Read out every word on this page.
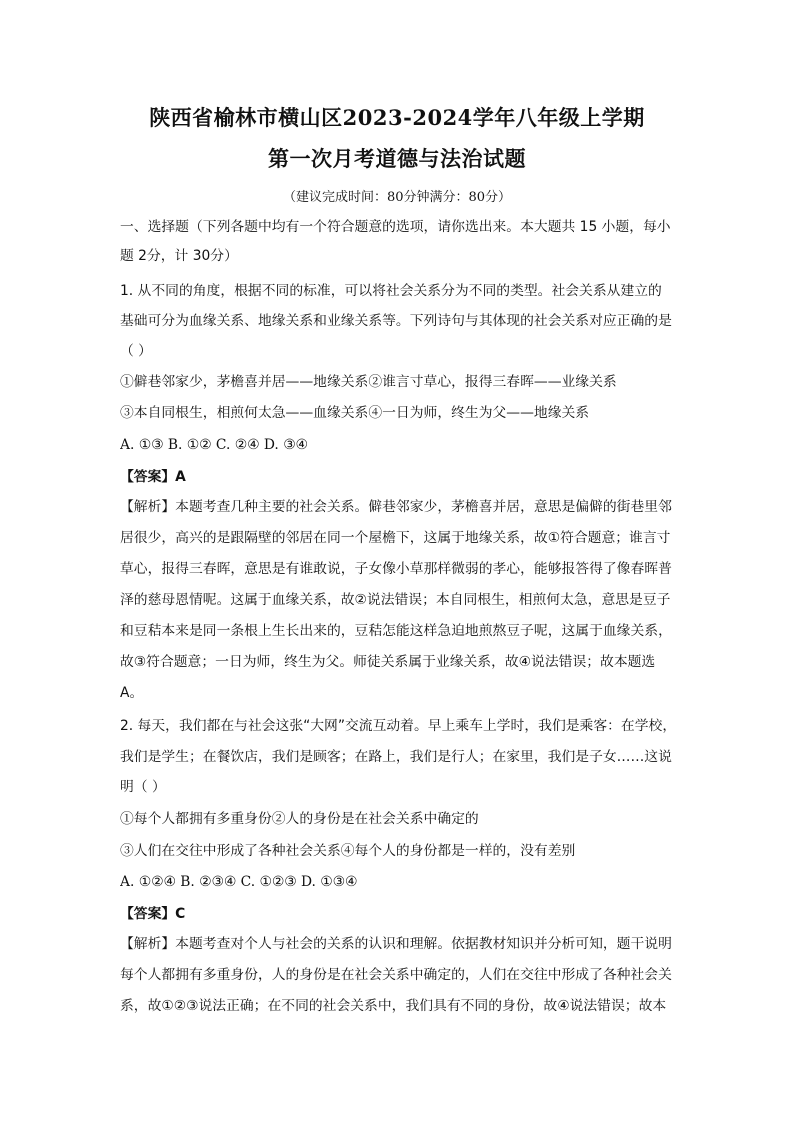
陕西省榆林市横山区2023-2024学年八年级上学期
第一次月考道德与法治试题
（建议完成时间：80分钟满分：80分）
一、选择题（下列各题中均有一个符合题意的选项，请你选出来。本大题共 15 小题，每小
题 2分，计 30分）
1. 从不同的角度，根据不同的标准，可以将社会关系分为不同的类型。社会关系从建立的
基础可分为血缘关系、地缘关系和业缘关系等。下列诗句与其体现的社会关系对应正确的是
（ ）
①僻巷邻家少，茅檐喜并居——地缘关系②谁言寸草心，报得三春晖——业缘关系
③本自同根生，相煎何太急——血缘关系④一日为师，终生为父——地缘关系
A. ①③ B. ①② C. ②④ D. ③④
【答案】A
【解析】本题考查几种主要的社会关系。僻巷邻家少，茅檐喜并居，意思是偏僻的街巷里邻
居很少，高兴的是跟隔壁的邻居在同一个屋檐下，这属于地缘关系，故①符合题意；谁言寸
草心，报得三春晖，意思是有谁敢说，子女像小草那样微弱的孝心，能够报答得了像春晖普
泽的慈母恩情呢。这属于血缘关系，故②说法错误；本自同根生，相煎何太急，意思是豆子
和豆秸本来是同一条根上生长出来的，豆秸怎能这样急迫地煎熬豆子呢，这属于血缘关系，
故③符合题意；一日为师，终生为父。师徒关系属于业缘关系，故④说法错误；故本题选
A。
2. 每天，我们都在与社会这张“大网”交流互动着。早上乘车上学时，我们是乘客：在学校，
我们是学生；在餐饮店，我们是顾客；在路上，我们是行人；在家里，我们是子女……这说
明（ ）
①每个人都拥有多重身份②人的身份是在社会关系中确定的
③人们在交往中形成了各种社会关系④每个人的身份都是一样的，没有差别
A. ①②④ B. ②③④ C. ①②③ D. ①③④
【答案】C
【解析】本题考查对个人与社会的关系的认识和理解。依据教材知识并分析可知，题干说明
每个人都拥有多重身份，人的身份是在社会关系中确定的，人们在交往中形成了各种社会关
系，故①②③说法正确；在不同的社会关系中，我们具有不同的身份，故④说法错误；故本
